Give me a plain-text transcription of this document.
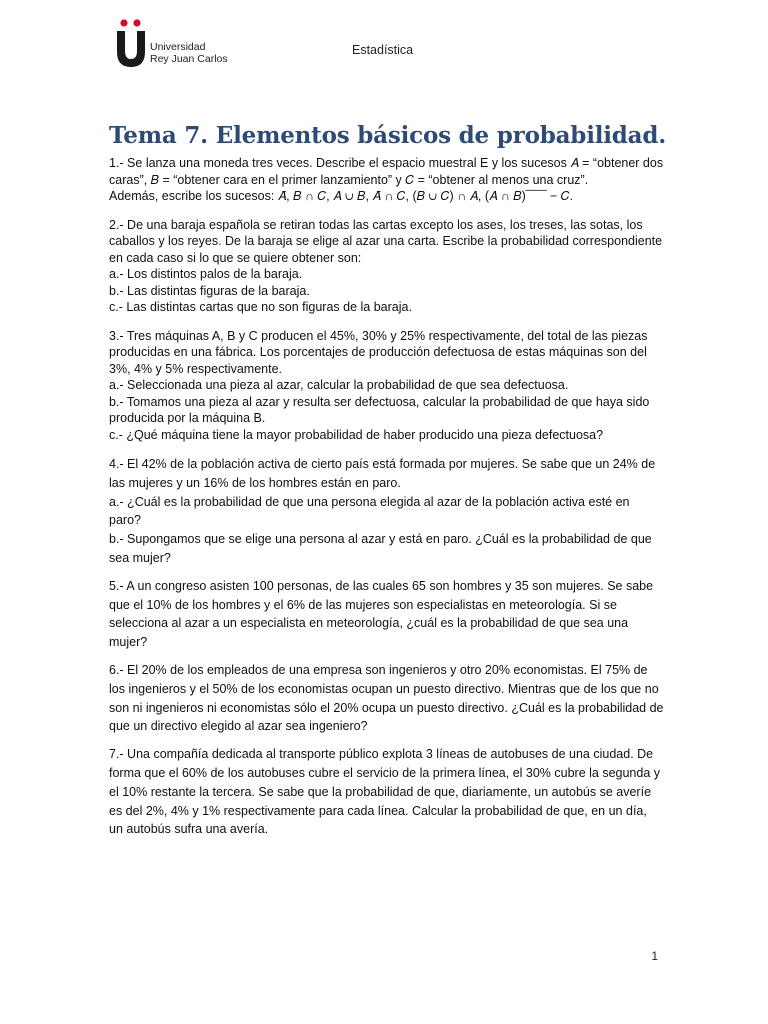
Universidad
Rey Juan Carlos
Estadística
Tema 7. Elementos básicos de probabilidad.

1.- Se lanza una moneda tres veces. Describe el espacio muestral E y los sucesos 𝐴 = “obtener dos caras”, 𝐵 = “obtener cara en el primer lanzamiento” y 𝐶 = “obtener al menos una cruz”.

Además, escribe los sucesos: 𝐴̄, 𝐵 ∩ 𝐶, 𝐴 ∪ 𝐵, 𝐴̄ ∩ 𝐶, (𝐵 ∪ 𝐶) ∩ 𝐴, (𝐴 ∩ 𝐵)‾‾‾‾‾ − 𝐶.

2.- De una baraja española se retiran todas las cartas excepto los ases, los treses, las sotas, los caballos y los reyes. De la baraja se elige al azar una carta. Escribe la probabilidad correspondiente en cada caso si lo que se quiere obtener son:

a.- Los distintos palos de la baraja.

b.- Las distintas figuras de la baraja.

c.- Las distintas cartas que no son figuras de la baraja.

3.- Tres máquinas A, B y C producen el 45%, 30% y 25% respectivamente, del total de las piezas producidas en una fábrica. Los porcentajes de producción defectuosa de estas máquinas son del 3%, 4% y 5% respectivamente.

a.- Seleccionada una pieza al azar, calcular la probabilidad de que sea defectuosa.

b.- Tomamos una pieza al azar y resulta ser defectuosa, calcular la probabilidad de que haya sido producida por la máquina B.

c.- ¿Qué máquina tiene la mayor probabilidad de haber producido una pieza defectuosa?

4.- El 42% de la población activa de cierto país está formada por mujeres. Se sabe que un 24% de las mujeres y un 16% de los hombres están en paro.

a.- ¿Cuál es la probabilidad de que una persona elegida al azar de la población activa esté en paro?

b.- Supongamos que se elige una persona al azar y está en paro. ¿Cuál es la probabilidad de que sea mujer?

5.- A un congreso asisten 100 personas, de las cuales 65 son hombres y 35 son mujeres. Se sabe que el 10% de los hombres y el 6% de las mujeres son especialistas en meteorología. Si se selecciona al azar a un especialista en meteorología, ¿cuál es la probabilidad de que sea una mujer?

6.- El 20% de los empleados de una empresa son ingenieros y otro 20% economistas. El 75% de los ingenieros y el 50% de los economistas ocupan un puesto directivo. Mientras que de los que no son ni ingenieros ni economistas sólo el 20% ocupa un puesto directivo. ¿Cuál es la probabilidad de que un directivo elegido al azar sea ingeniero?

7.- Una compañía dedicada al transporte público explota 3 líneas de autobuses de una ciudad. De forma que el 60% de los autobuses cubre el servicio de la primera línea, el 30% cubre la segunda y el 10% restante la tercera. Se sabe que la probabilidad de que, diariamente, un autobús se averíe es del 2%, 4% y 1% respectivamente para cada línea. Calcular la probabilidad de que, en un día, un autobús sufra una avería.

1
